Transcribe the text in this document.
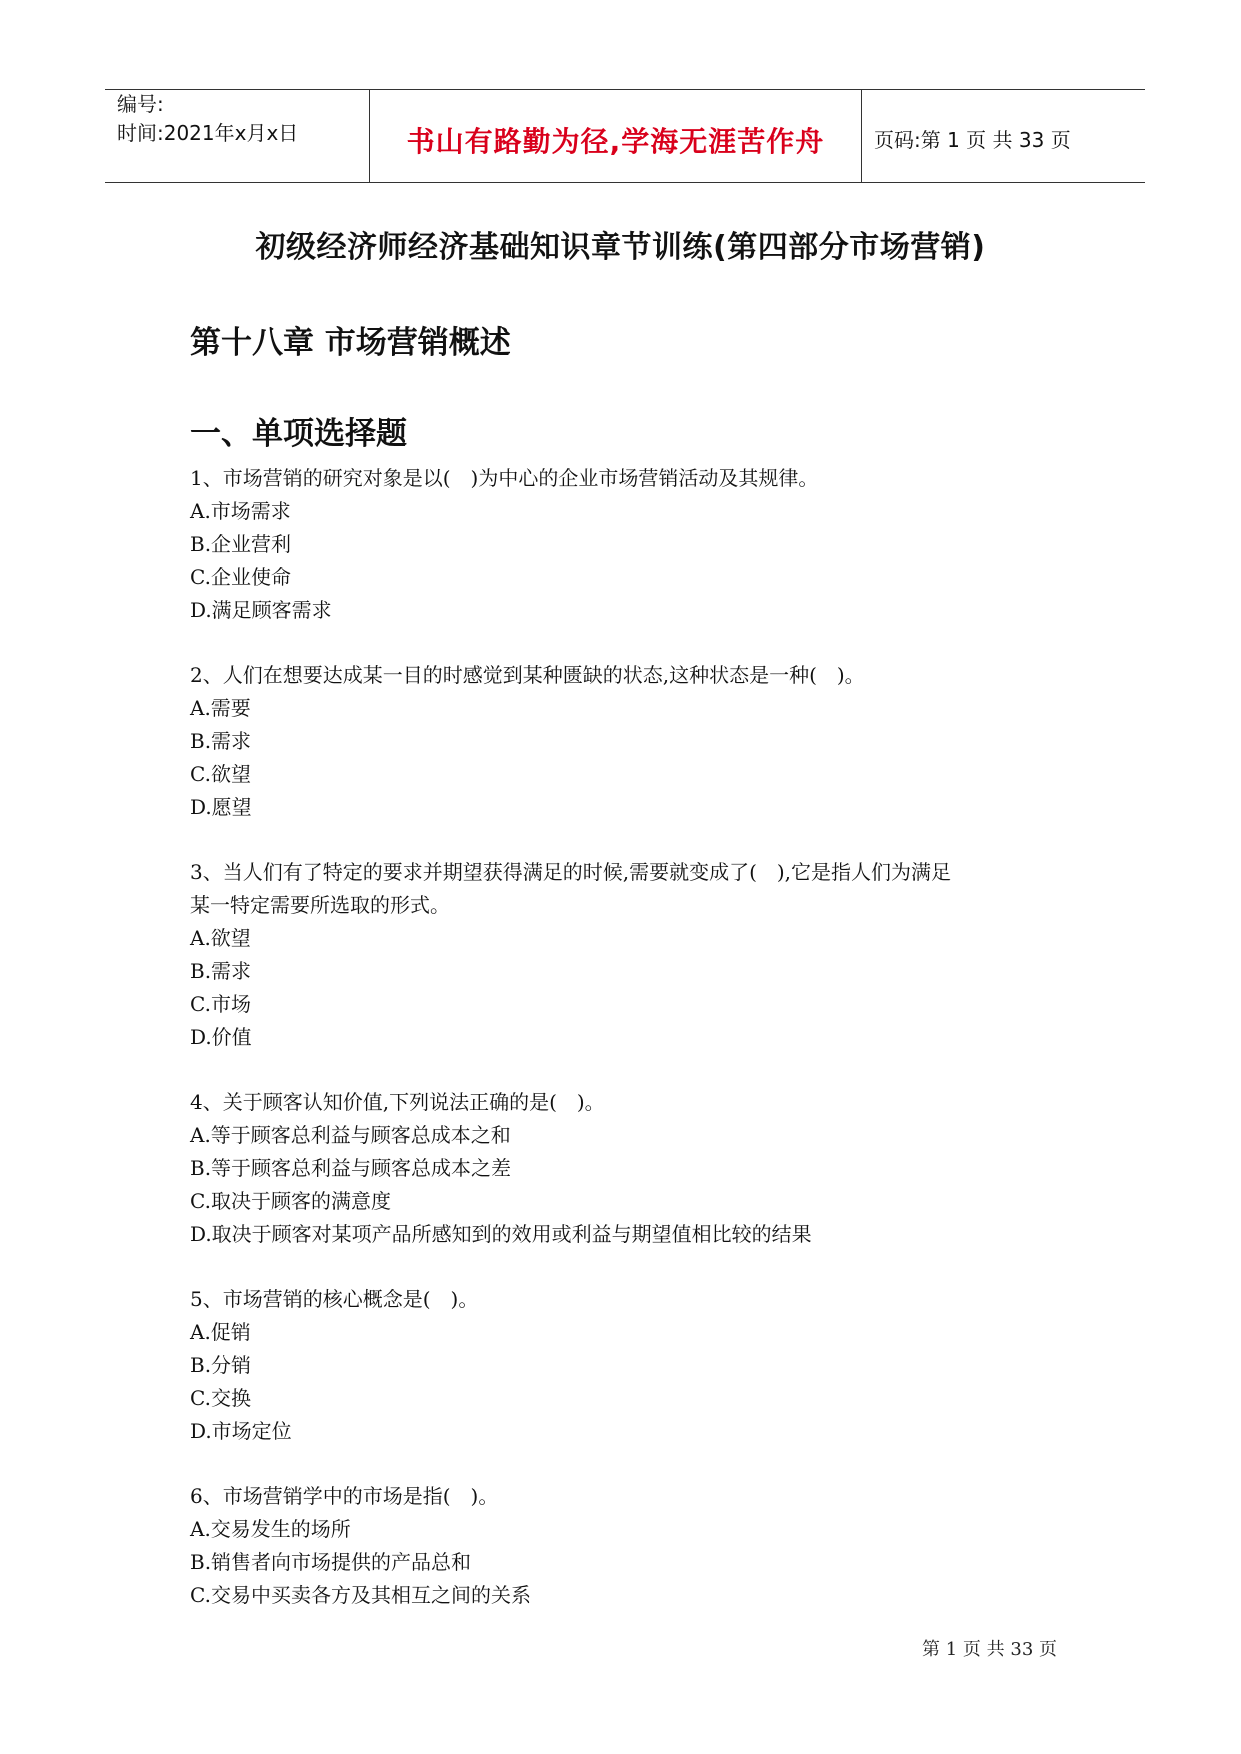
编号:
时间:2021年x月x日	书山有路勤为径,学海无涯苦作舟	页码:第 1 页 共 33 页
初级经济师经济基础知识章节训练(第四部分市场营销)
第十八章 市场营销概述
一、单项选择题
1、市场营销的研究对象是以(　)为中心的企业市场营销活动及其规律。
A.市场需求
B.企业营利
C.企业使命
D.满足顾客需求
2、人们在想要达成某一目的时感觉到某种匮缺的状态,这种状态是一种(　)。
A.需要
B.需求
C.欲望
D.愿望
3、当人们有了特定的要求并期望获得满足的时候,需要就变成了(　),它是指人们为满足
某一特定需要所选取的形式。
A.欲望
B.需求
C.市场
D.价值
4、关于顾客认知价值,下列说法正确的是(　)。
A.等于顾客总利益与顾客总成本之和
B.等于顾客总利益与顾客总成本之差
C.取决于顾客的满意度
D.取决于顾客对某项产品所感知到的效用或利益与期望值相比较的结果
5、市场营销的核心概念是(　)。
A.促销
B.分销
C.交换
D.市场定位
6、市场营销学中的市场是指(　)。
A.交易发生的场所
B.销售者向市场提供的产品总和
C.交易中买卖各方及其相互之间的关系
第 1 页 共 33 页
